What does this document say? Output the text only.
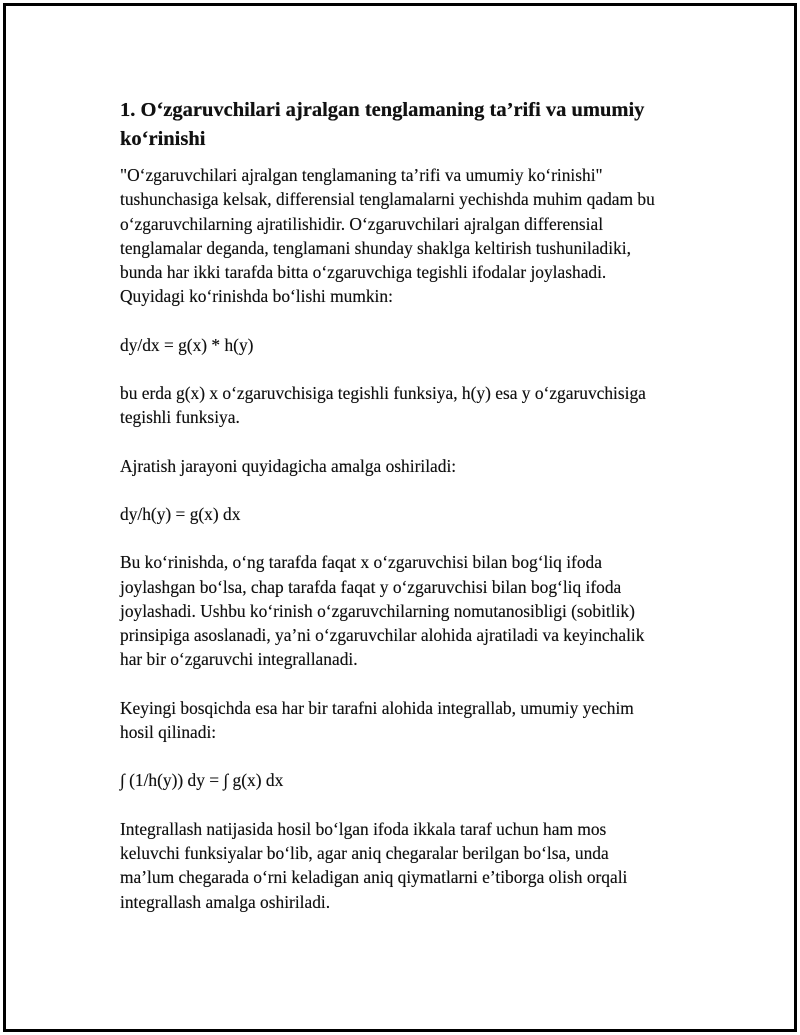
1. O‘zgaruvchilari ajralgan tenglamaning ta’rifi va umumiy
ko‘rinishi

"O‘zgaruvchilari ajralgan tenglamaning ta’rifi va umumiy ko‘rinishi"
tushunchasiga kelsak, differensial tenglamalarni yechishda muhim qadam bu
o‘zgaruvchilarning ajratilishidir. O‘zgaruvchilari ajralgan differensial
tenglamalar deganda, tenglamani shunday shaklga keltirish tushuniladiki,
bunda har ikki tarafda bitta o‘zgaruvchiga tegishli ifodalar joylashadi.
Quyidagi ko‘rinishda bo‘lishi mumkin:

dy/dx = g(x) * h(y)

bu erda g(x) x o‘zgaruvchisiga tegishli funksiya, h(y) esa y o‘zgaruvchisiga
tegishli funksiya.

Ajratish jarayoni quyidagicha amalga oshiriladi:

dy/h(y) = g(x) dx

Bu ko‘rinishda, o‘ng tarafda faqat x o‘zgaruvchisi bilan bog‘liq ifoda
joylashgan bo‘lsa, chap tarafda faqat y o‘zgaruvchisi bilan bog‘liq ifoda
joylashadi. Ushbu ko‘rinish o‘zgaruvchilarning nomutanosibligi (sobitlik)
prinsipiga asoslanadi, ya’ni o‘zgaruvchilar alohida ajratiladi va keyinchalik
har bir o‘zgaruvchi integrallanadi.

Keyingi bosqichda esa har bir tarafni alohida integrallab, umumiy yechim
hosil qilinadi:

∫ (1/h(y)) dy = ∫ g(x) dx

Integrallash natijasida hosil bo‘lgan ifoda ikkala taraf uchun ham mos
keluvchi funksiyalar bo‘lib, agar aniq chegaralar berilgan bo‘lsa, unda
ma’lum chegarada o‘rni keladigan aniq qiymatlarni e’tiborga olish orqali
integrallash amalga oshiriladi.
